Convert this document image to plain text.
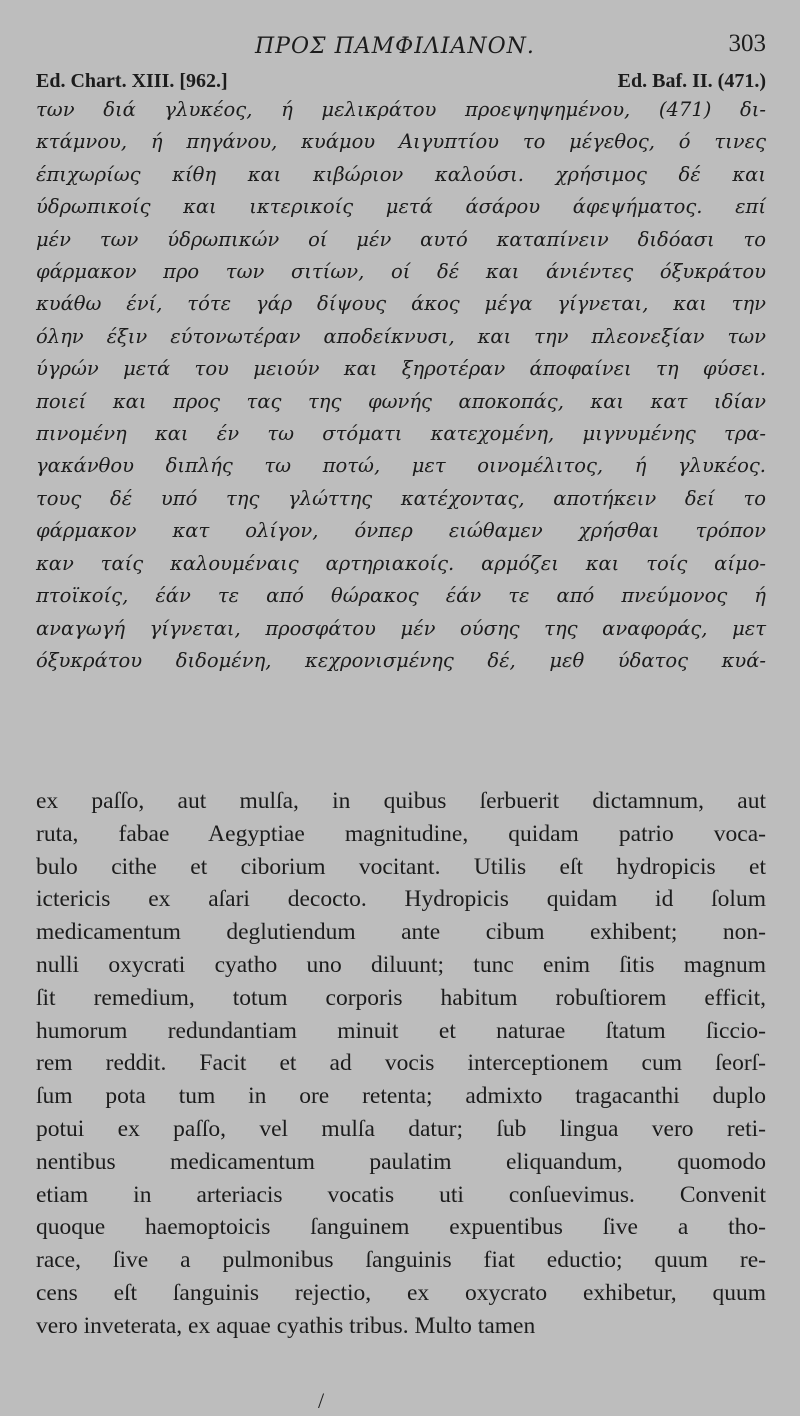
ΠΡΟΣ ΠΑΜΦΙΛΙΑΝΟΝ.	303
Ed. Chart. XIII. [962.]	Ed. Baf. II. (471.)
των διά γλυκέος, ή μελικράτου προεψηψημένου, (471) δι-
κτάμνου, ή πηγάνου, κυάμου Αιγυπτίου το μέγεθος, ό τινες
έπιχωρίως κίθη και κιβώριον καλούσι. χρήσιμος δέ και
ύδρωπικοίς και ικτερικοίς μετά άσάρου άφεψήματος. επί
μέν των ύδρωπικών οί μέν αυτό καταπίνειν διδόασι το
φάρμακον προ των σιτίων, οί δέ και άνιέντες όξυκράτου
κυάθω ένί, τότε γάρ δίψους άκος μέγα γίγνεται, και την
όλην έξιν εύτονωτέραν αποδείκνυσι, και την πλεονεξίαν των
ύγρών μετά του μειούν και ξηροτέραν άποφαίνει τη φύσει.
ποιεί και προς τας της φωνής αποκοπάς, και κατ ιδίαν
πινομένη και έν τω στόματι κατεχομένη, μιγνυμένης τρα-
γακάνθου διπλής τω ποτώ, μετ οινομέλιτος, ή γλυκέος.
τους δέ υπό της γλώττης κατέχοντας, αποτήκειν δεί το
φάρμακον κατ ολίγον, όνπερ ειώθαμεν χρήσθαι τρόπον
καν ταίς καλουμέναις αρτηριακοίς. αρμόζει και τοίς αίμο-
πτοϊκοίς, έάν τε από θώρακος έάν τε από πνεύμονος ή
αναγωγή γίγνεται, προσφάτου μέν ούσης της αναφοράς, μετ
όξυκράτου διδομένη, κεχρονισμένης δέ, μεθ ύδατος κυά-
ex paſſo, aut mulſa, in quibus ſerbuerit dictamnum, aut
ruta, fabae Aegyptiae magnitudine, quidam patrio voca-
bulo cithe et ciborium vocitant. Utilis eſt hydropicis et
ictericis ex aſari decocto. Hydropicis quidam id ſolum
medicamentum deglutiendum ante cibum exhibent; non-
nulli oxycrati cyatho uno diluunt; tunc enim ſitis magnum
ſit remedium, totum corporis habitum robuſtiorem efficit,
humorum redundantiam minuit et naturae ſtatum ſiccio-
rem reddit. Facit et ad vocis interceptionem cum ſeorſ-
ſum pota tum in ore retenta; admixto tragacanthi duplo
potui ex paſſo, vel mulſa datur; ſub lingua vero reti-
nentibus medicamentum paulatim eliquandum, quomodo
etiam in arteriacis vocatis uti conſuevimus. Convenit
quoque haemoptoicis ſanguinem expuentibus ſive a tho-
race, ſive a pulmonibus ſanguinis fiat eductio; quum re-
cens eſt ſanguinis rejectio, ex oxycrato exhibetur, quum
vero inveterata, ex aquae cyathis tribus. Multo tamen
/
